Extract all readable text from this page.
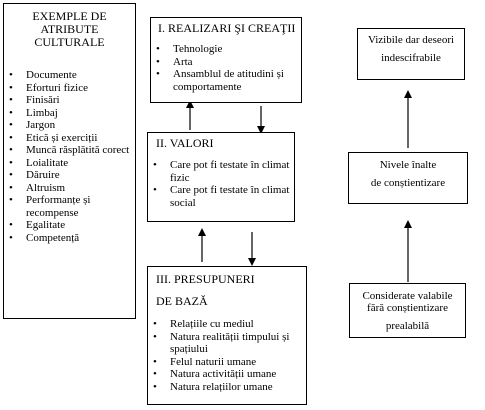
EXEMPLE DE
ATRIBUTE
CULTURALE
• Documente
• Eforturi fizice
• Finisări
• Limbaj
• Jargon
• Etică și exerciții
• Muncă răsplătită corect
• Loialitate
• Dăruire
• Altruism
• Performanțe și recompense
• Egalitate
• Competență
I. REALIZARI ŞI CREAŢII
• Tehnologie
• Arta
• Ansamblul de atitudini și comportamente
II. VALORI
• Care pot fi testate în climat fizic
• Care pot fi testate în climat social
III. PRESUPUNERI
DE BAZĂ
• Relațiile cu mediul
• Natura realității timpului și spațiului
• Felul naturii umane
• Natura activității umane
• Natura relațiilor umane
Vizibile dar deseori
indescifrabile
Nivele înalte
de conștientizare
Considerate valabile
fără conștientizare
prealabilă
